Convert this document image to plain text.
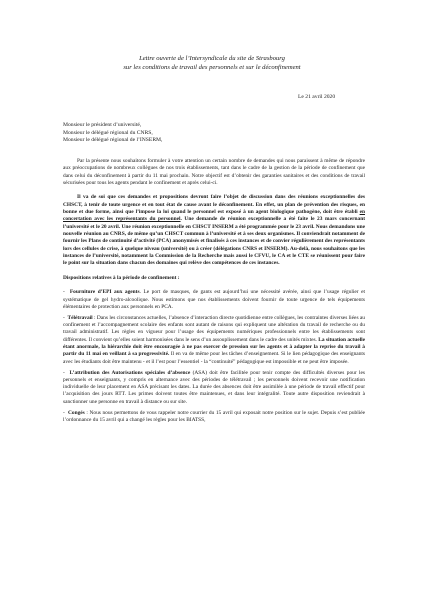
Lettre ouverte de l’Intersyndicale du site de Strasbourg
sur les conditions de travail des personnels et sur le déconfinement
Le 21 avril 2020
Monsieur le président d’université,
Monsieur le délégué régional du CNRS,
Monsieur le délégué régional de l’INSERM,

Par la présente nous souhaitons formuler à votre attention un certain nombre de demandes qui nous paraissent à même de répondre aux préoccupations de nombreux collègues de nos trois établissements, tant dans le cadre de la gestion de la période de confinement que dans celui du déconfinement à partir du 11 mai prochain. Notre objectif est d’obtenir des garanties sanitaires et des conditions de travail sécurisées pour tous les agents pendant le confinement et après celui-ci.

Il va de soi que ces demandes et propositions devront faire l’objet de discussion dans des réunions exceptionnelles des CHSCT, à tenir de toute urgence et en tout état de cause avant le déconfinement. En effet, un plan de prévention des risques, en bonne et due forme, ainsi que l’impose la loi quand le personnel est exposé à un agent biologique pathogène, doit être établi en concertation avec les représentants du personnel. Une demande de réunion exceptionnelle a été faite le 23 mars concernant l’université et le 20 avril. Une réunion exceptionnelle en CHSCT INSERM a été programmée pour le 23 avril. Nous demandons une nouvelle réunion au CNRS, de même qu’un CHSCT commun à l’université et à ses deux organismes. Il conviendrait notamment de fournir les Plans de continuité d’activité (PCA) anonymisés et finalisés à ces instances et de convier régulièrement des représentants lors des cellules de crise, à quelque niveau (université) ou à créer (délégations CNRS et INSERM). Au-delà, nous souhaitons que les instances de l’université, notamment la Commission de la Recherche mais aussi le CFVU, le CA et le CTE se réunissent pour faire le point sur la situation dans chacun des domaines qui relève des compétences de ces instances.

Dispositions relatives à la période de confinement :

-  Fourniture d’EPI aux agents. Le port de masques, de gants est aujourd’hui une nécessité avérée, ainsi que l’usage régulier et systématique de gel hydro-alcoolique. Nous estimons que nos établissements doivent fournir de toute urgence de tels équipements élémentaires de protection aux personnels en PCA.

-  Télétravail : Dans les circonstances actuelles, l’absence d’interaction directe quotidienne entre collègues, les contraintes diverses liées au confinement et l’accompagnement scolaire des enfants sont autant de raisons qui expliquent une altération du travail de recherche ou du travail administratif. Les règles en vigueur pour l’usage des équipements numériques professionnels entre les établissements sont différentes. Il convient qu’elles soient harmonisées dans le sens d’un assouplissement dans le cadre des unités mixtes. La situation actuelle étant anormale, la hiérarchie doit être encouragée à ne pas exercer de pression sur les agents et à adapter la reprise du travail à partir du 11 mai en veillant à sa progressivité. Il en va de même pour les tâches d’enseignement. Si le lien pédagogique des enseignants avec les étudiants doit être maintenu - et il l’est pour l’essentiel - la “continuité” pédagogique est impossible et ne peut être imposée.

-  L’attribution des Autorisations spéciales d’absence (ASA) doit être facilitée pour tenir compte des difficultés diverses pour les personnels et enseignants, y compris en alternance avec des périodes de télétravail ; les personnels doivent recevoir une notification individuelle de leur placement en ASA précisant les dates. La durée des absences doit être assimilée à une période de travail effectif pour l’acquisition des jours RTT. Les primes doivent toutes être maintenues, et dans leur intégralité. Toute autre disposition reviendrait à sanctionner une personne en travail à distance ou sur site.

-  Congés : Nous nous permettons de vous rappeler notre courrier du 15 avril qui exposait notre position sur le sujet. Depuis s’est publiée l’ordonnance du 15 avril qui a changé les règles pour les BIATSS,
